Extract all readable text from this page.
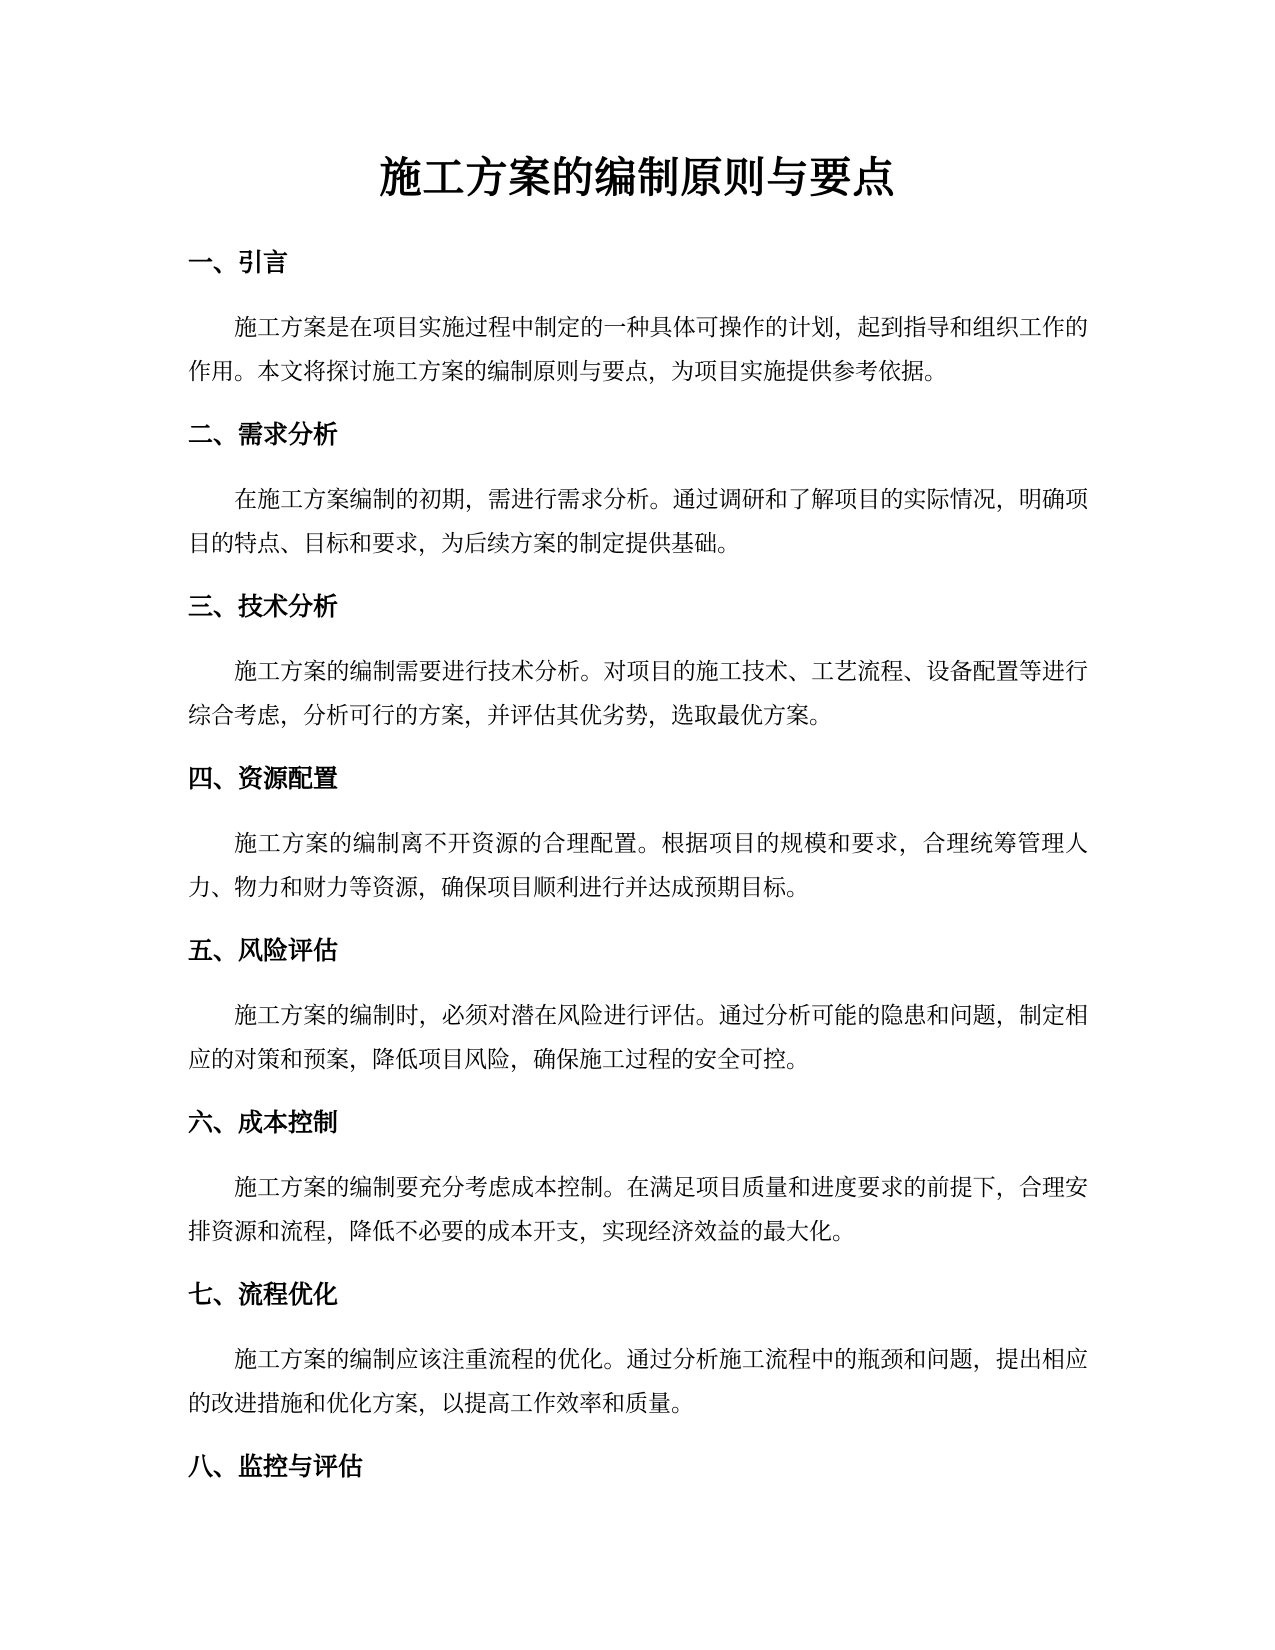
施工方案的编制原则与要点
一、引言

施工方案是在项目实施过程中制定的一种具体可操作的计划，起到指导和组织工作的作用。本文将探讨施工方案的编制原则与要点，为项目实施提供参考依据。

二、需求分析

在施工方案编制的初期，需进行需求分析。通过调研和了解项目的实际情况，明确项目的特点、目标和要求，为后续方案的制定提供基础。

三、技术分析

施工方案的编制需要进行技术分析。对项目的施工技术、工艺流程、设备配置等进行综合考虑，分析可行的方案，并评估其优劣势，选取最优方案。

四、资源配置

施工方案的编制离不开资源的合理配置。根据项目的规模和要求，合理统筹管理人力、物力和财力等资源，确保项目顺利进行并达成预期目标。

五、风险评估

施工方案的编制时，必须对潜在风险进行评估。通过分析可能的隐患和问题，制定相应的对策和预案，降低项目风险，确保施工过程的安全可控。

六、成本控制

施工方案的编制要充分考虑成本控制。在满足项目质量和进度要求的前提下，合理安排资源和流程，降低不必要的成本开支，实现经济效益的最大化。

七、流程优化

施工方案的编制应该注重流程的优化。通过分析施工流程中的瓶颈和问题，提出相应的改进措施和优化方案，以提高工作效率和质量。

八、监控与评估
